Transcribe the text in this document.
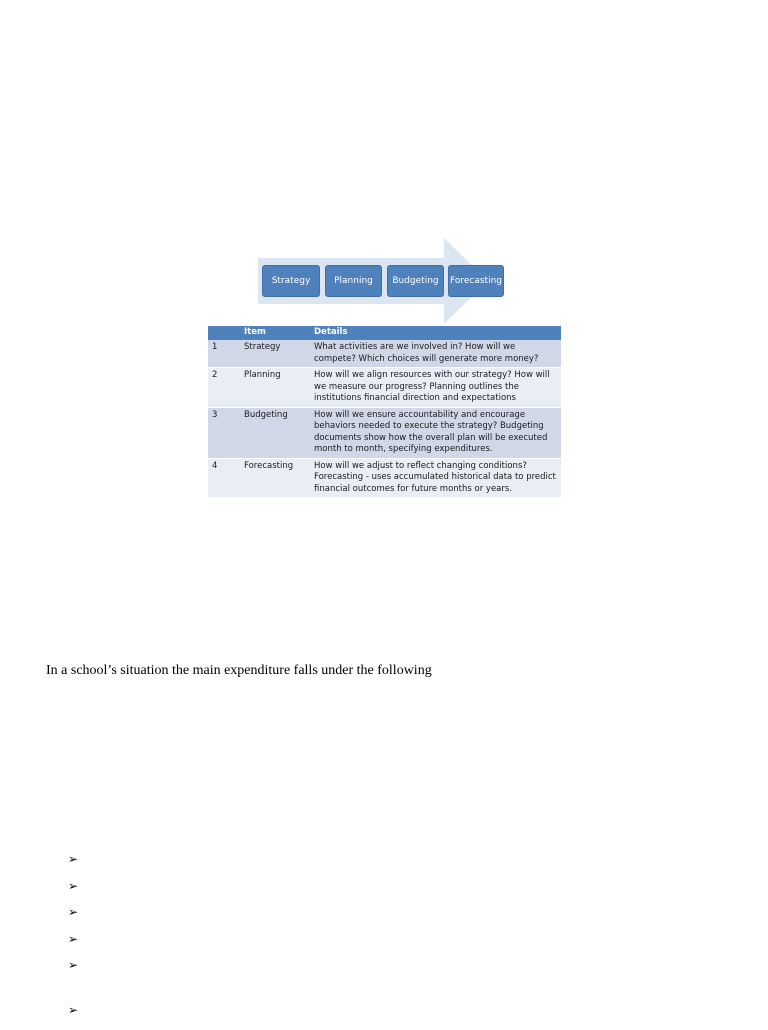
Strategy	Planning	Budgeting	Forecasting
	Item	Details
1	Strategy	What activities are we involved in? How will we compete? Which choices will generate more money?
2	Planning	How will we align resources with our strategy? How will we measure our progress? Planning outlines the institutions financial direction and expectations
3	Budgeting	How will we ensure accountability and encourage behaviors needed to execute the strategy? Budgeting documents show how the overall plan will be executed month to month, specifying expenditures.
4	Forecasting	How will we adjust to reflect changing conditions? Forecasting - uses accumulated historical data to predict financial outcomes for future months or years.
In a school’s situation the main expenditure falls under the following
➢
➢
➢
➢
➢
➢
